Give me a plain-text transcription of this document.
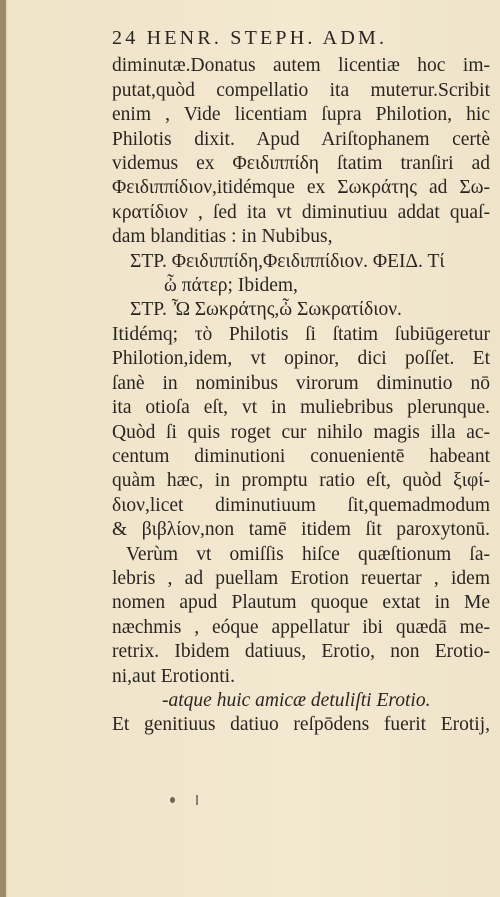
24 HENR. STEPH. ADM.
diminutæ.Donatus autem licentiæ hoc im-
putat,quòd compellatio ita muteтur.Scribit
enim , Vide licentiam ſupra Philotion, hic
Philotis dixit. Apud Ariſtophanem certè
videmus ex Φειδιππίδη ſtatim tranſiri ad
Φειδιππίδιον,itidémque ex Σωκράτης ad Σω-
κρατίδιον , ſed ita vt diminutiuu addat quaſ-
dam blanditias : in Nubibus,
ΣΤΡ. Φειδιππίδη,Φειδιππίδιον. ΦΕΙΔ. Τί
ὦ πάτερ; Ibidem,
ΣΤΡ. Ὦ Σωκράτης,ὦ Σωκρατίδιον.
Itidémq; τὸ Philotis ſi ſtatim ſubiūgeretur
Philotion,idem, vt opinor, dici poſſet. Et
ſanè in nominibus virorum diminutio nō
ita otioſa eſt, vt in muliebribus plerunque.
Quòd ſi quis roget cur nihilo magis illa ac-
centum diminutioni conuenientē habeant
quàm hæc, in promptu ratio eſt, quòd ξιφί-
διον,licet diminutiuum ſit,quemadmodum
& βιβλίον,non tamē itidem ſit paroxytonū.
Verùm vt omiſſis hiſce quæſtionum ſa-
lebris , ad puellam Erotion reuertar , idem
nomen apud Plautum quoque extat in Me
næchmis , eóque appellatur ibi quædā me-
retrix. Ibidem datiuus, Erotio, non Erotio-
ni,aut Erotionti.
-atque huic amicæ detuliſti Erotio.
Et genitiuus datiuo reſpōdens fuerit Erotij,
